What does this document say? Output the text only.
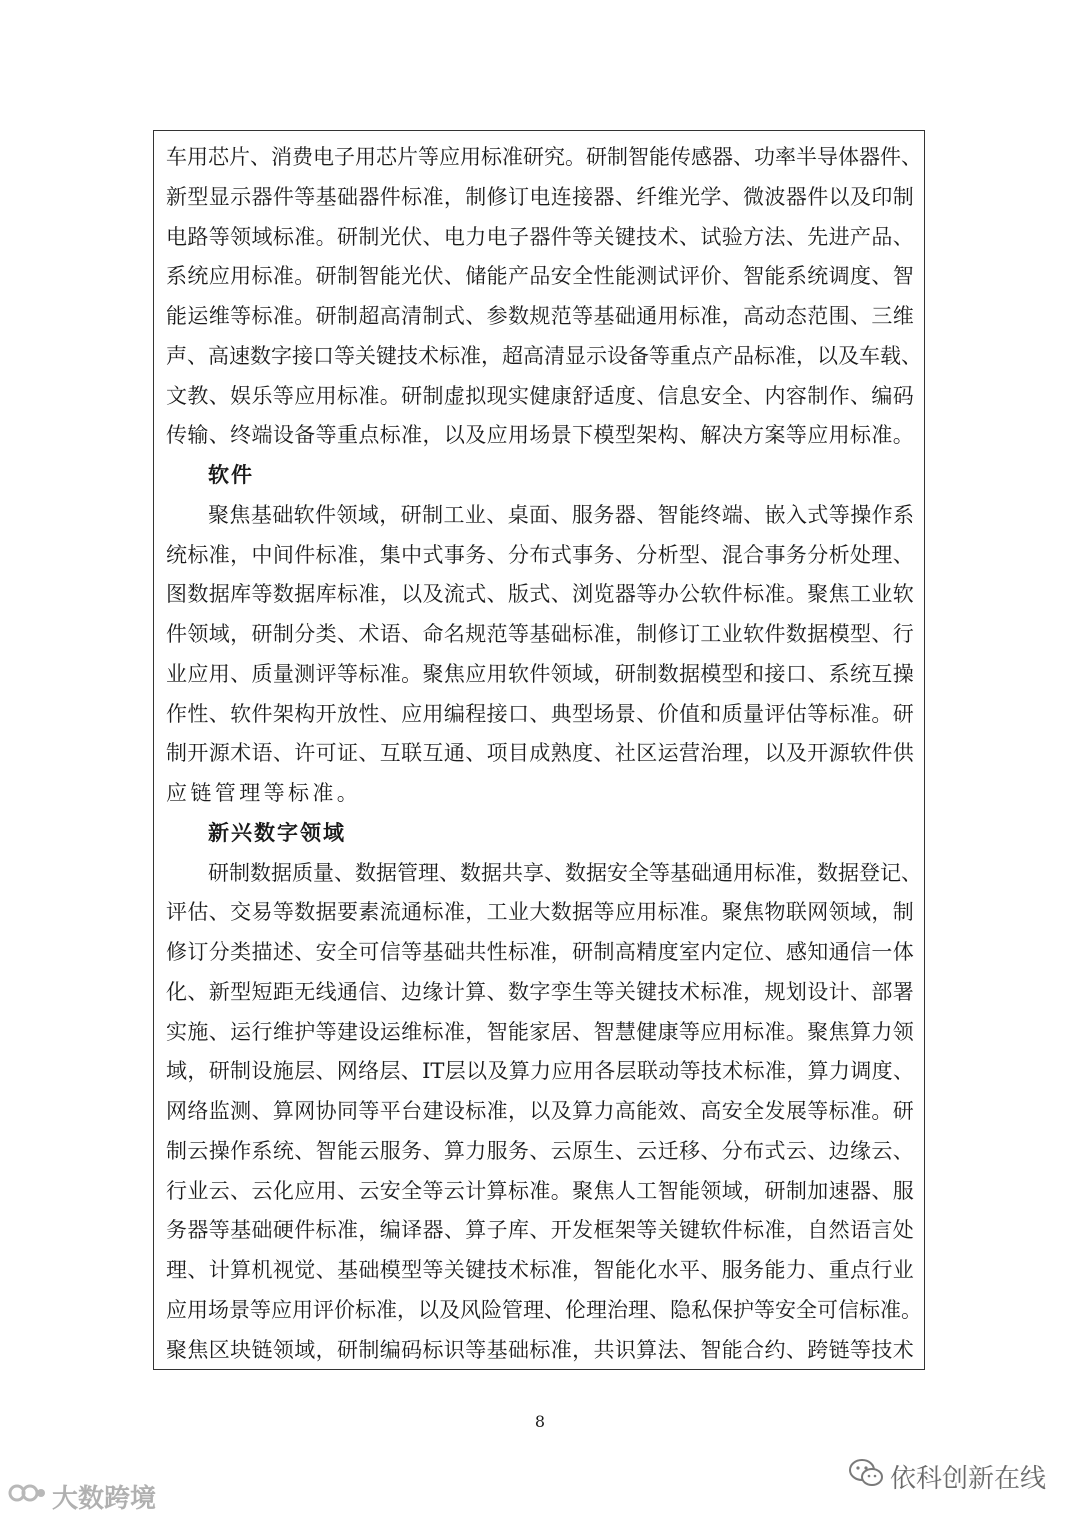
车 用 芯 片 、 消 费 电 子 用 芯 片 等 应 用 标 准 研 究 。 研 制 智 能 传 感 器 、 功 率 半 导 体 器 件 、
新 型 显 示 器 件 等 基 础 器 件 标 准 ， 制 修 订 电 连 接 器 、 纤 维 光 学 、 微 波 器 件 以 及 印 制
电 路 等 领 域 标 准 。 研 制 光 伏 、 电 力 电 子 器 件 等 关 键 技 术 、 试 验 方 法 、 先 进 产 品 、
系 统 应 用 标 准 。 研 制 智 能 光 伏 、 储 能 产 品 安 全 性 能 测 试 评 价 、 智 能 系 统 调 度 、 智
能 运 维 等 标 准 。 研 制 超 高 清 制 式 、 参 数 规 范 等 基 础 通 用 标 准 ， 高 动 态 范 围 、 三 维
声 、 高 速 数 字 接 口 等 关 键 技 术 标 准 ， 超 高 清 显 示 设 备 等 重 点 产 品 标 准 ， 以 及 车 载 、
文 教 、 娱 乐 等 应 用 标 准 。 研 制 虚 拟 现 实 健 康 舒 适 度 、 信 息 安 全 、 内 容 制 作 、 编 码
传 输 、 终 端 设 备 等 重 点 标 准 ， 以 及 应 用 场 景 下 模 型 架 构 、 解 决 方 案 等 应 用 标 准 。
软件
聚 焦 基 础 软 件 领 域 ， 研 制 工 业 、 桌 面 、 服 务 器 、 智 能 终 端 、 嵌 入 式 等 操 作 系
统 标 准 ， 中 间 件 标 准 ， 集 中 式 事 务 、 分 布 式 事 务 、 分 析 型 、 混 合 事 务 分 析 处 理 、
图 数 据 库 等 数 据 库 标 准 ， 以 及 流 式 、 版 式 、 浏 览 器 等 办 公 软 件 标 准 。 聚 焦 工 业 软
件 领 域 ， 研 制 分 类 、 术 语 、 命 名 规 范 等 基 础 标 准 ， 制 修 订 工 业 软 件 数 据 模 型 、 行
业 应 用 、 质 量 测 评 等 标 准 。 聚 焦 应 用 软 件 领 域 ， 研 制 数 据 模 型 和 接 口 、 系 统 互 操
作 性 、 软 件 架 构 开 放 性 、 应 用 编 程 接 口 、 典 型 场 景 、 价 值 和 质 量 评 估 等 标 准 。 研
制 开 源 术 语 、 许 可 证 、 互 联 互 通 、 项 目 成 熟 度 、 社 区 运 营 治 理 ， 以 及 开 源 软 件 供
应链管理等标准。
新兴数字领域
研 制 数 据 质 量 、 数 据 管 理 、 数 据 共 享 、 数 据 安 全 等 基 础 通 用 标 准 ， 数 据 登 记 、
评 估 、 交 易 等 数 据 要 素 流 通 标 准 ， 工 业 大 数 据 等 应 用 标 准 。 聚 焦 物 联 网 领 域 ， 制
修 订 分 类 描 述 、 安 全 可 信 等 基 础 共 性 标 准 ， 研 制 高 精 度 室 内 定 位 、 感 知 通 信 一 体
化 、 新 型 短 距 无 线 通 信 、 边 缘 计 算 、 数 字 孪 生 等 关 键 技 术 标 准 ， 规 划 设 计 、 部 署
实 施 、 运 行 维 护 等 建 设 运 维 标 准 ， 智 能 家 居 、 智 慧 健 康 等 应 用 标 准 。 聚 焦 算 力 领
域 ， 研 制 设 施 层 、 网 络 层 、 IT 层 以 及 算 力 应 用 各 层 联 动 等 技 术 标 准 ， 算 力 调 度 、
网 络 监 测 、 算 网 协 同 等 平 台 建 设 标 准 ， 以 及 算 力 高 能 效 、 高 安 全 发 展 等 标 准 。 研
制 云 操 作 系 统 、 智 能 云 服 务 、 算 力 服 务 、 云 原 生 、 云 迁 移 、 分 布 式 云 、 边 缘 云 、
行 业 云 、 云 化 应 用 、 云 安 全 等 云 计 算 标 准 。 聚 焦 人 工 智 能 领 域 ， 研 制 加 速 器 、 服
务 器 等 基 础 硬 件 标 准 ， 编 译 器 、 算 子 库 、 开 发 框 架 等 关 键 软 件 标 准 ， 自 然 语 言 处
理 、 计 算 机 视 觉 、 基 础 模 型 等 关 键 技 术 标 准 ， 智 能 化 水 平 、 服 务 能 力 、 重 点 行 业
应 用 场 景 等 应 用 评 价 标 准 ， 以 及 风 险 管 理 、 伦 理 治 理 、 隐 私 保 护 等 安 全 可 信 标 准 。
聚 焦 区 块 链 领 域 ， 研 制 编 码 标 识 等 基 础 标 准 ， 共 识 算 法 、 智 能 合 约 、 跨 链 等 技 术
8
依科创新在线
大数跨境
